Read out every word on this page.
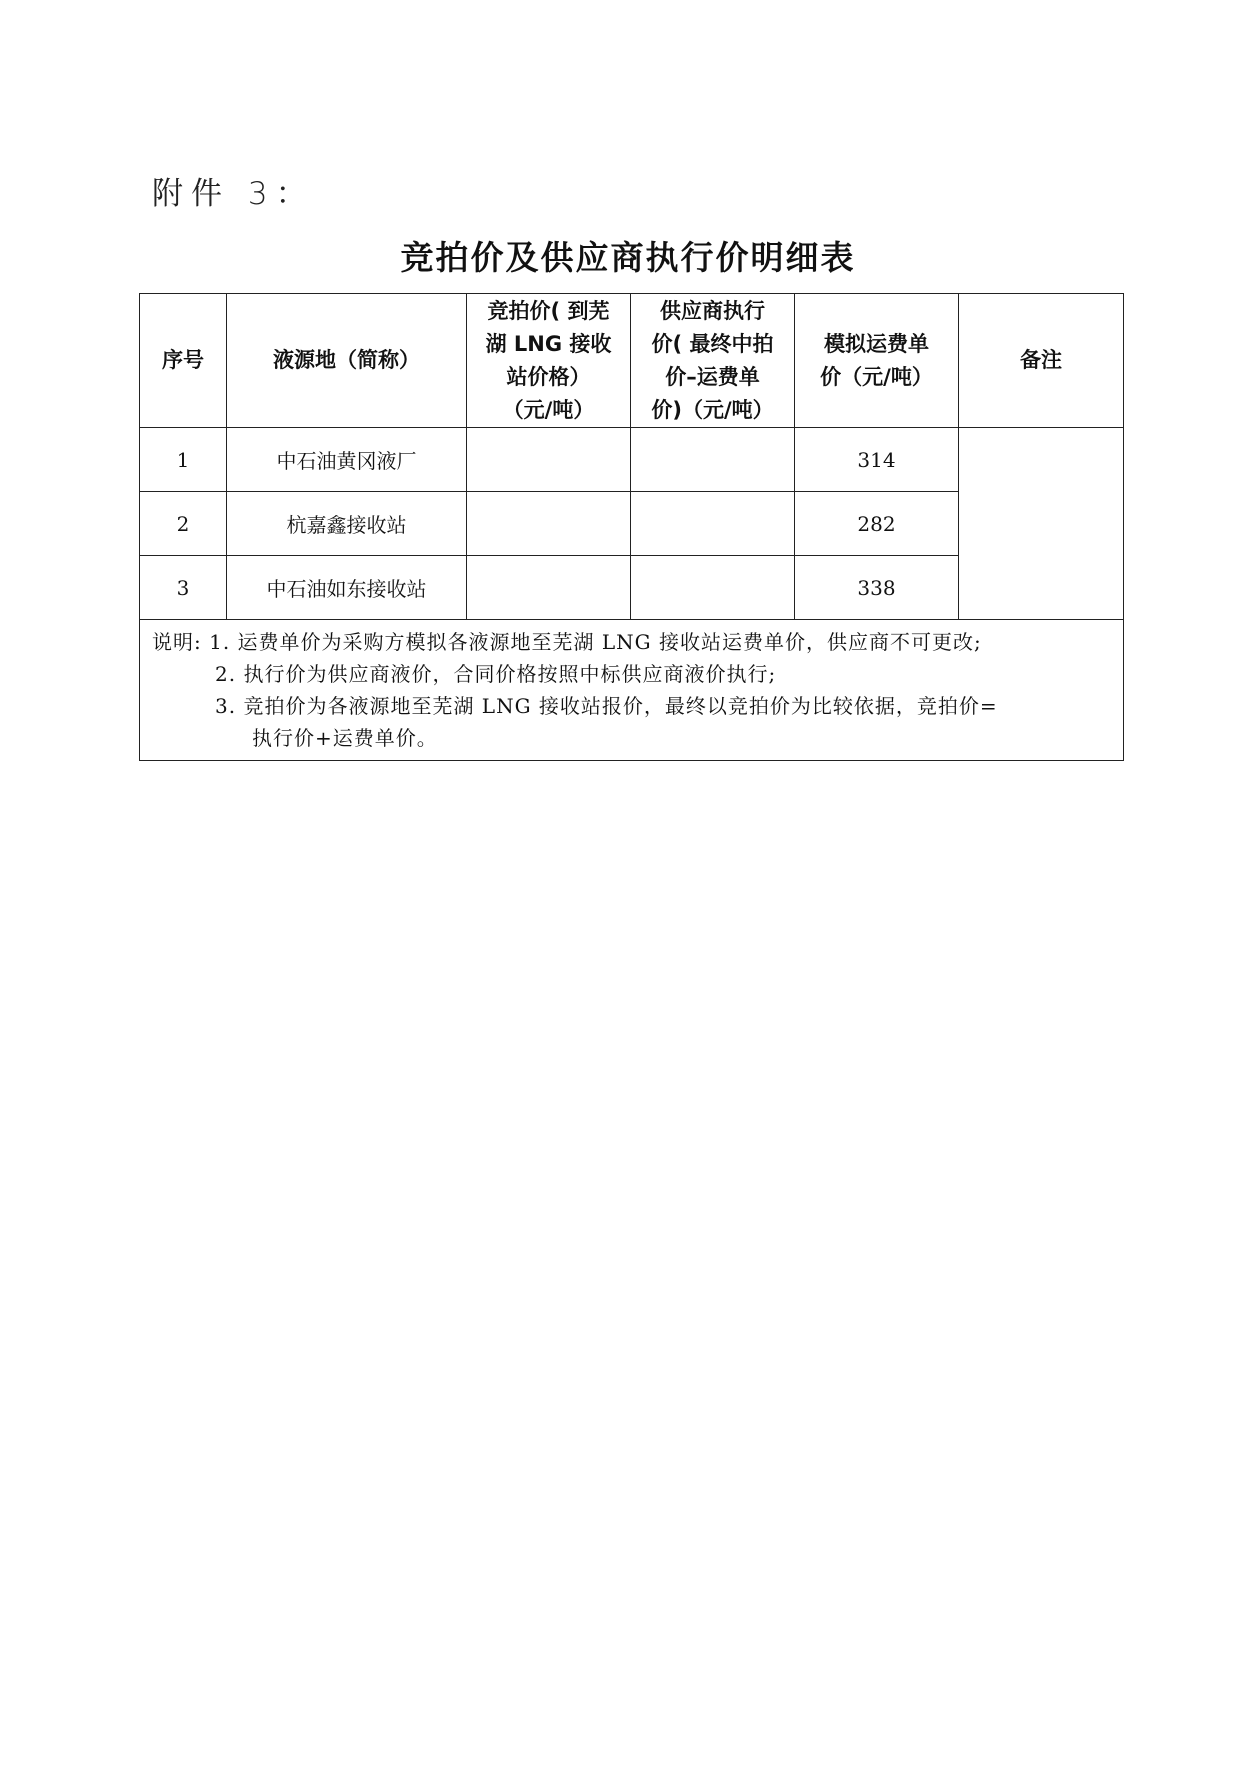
附件 3：
竞拍价及供应商执行价明细表
序号	液源地（简称）	竞拍价( 到芜
湖 LNG 接收
站价格）
（元/吨）	供应商执行
价( 最终中拍
价–运费单
价)（元/吨）	模拟运费单
价（元/吨）	备注
1	中石油黄冈液厂			314	
2	杭嘉鑫接收站			282	
3	中石油如东接收站			338	

说明: 1. 运费单价为采购方模拟各液源地至芜湖 LNG 接收站运费单价，供应商不可更改;
2. 执行价为供应商液价，合同价格按照中标供应商液价执行;
3. 竞拍价为各液源地至芜湖 LNG 接收站报价，最终以竞拍价为比较依据，竞拍价=
执行价+运费单价。					
